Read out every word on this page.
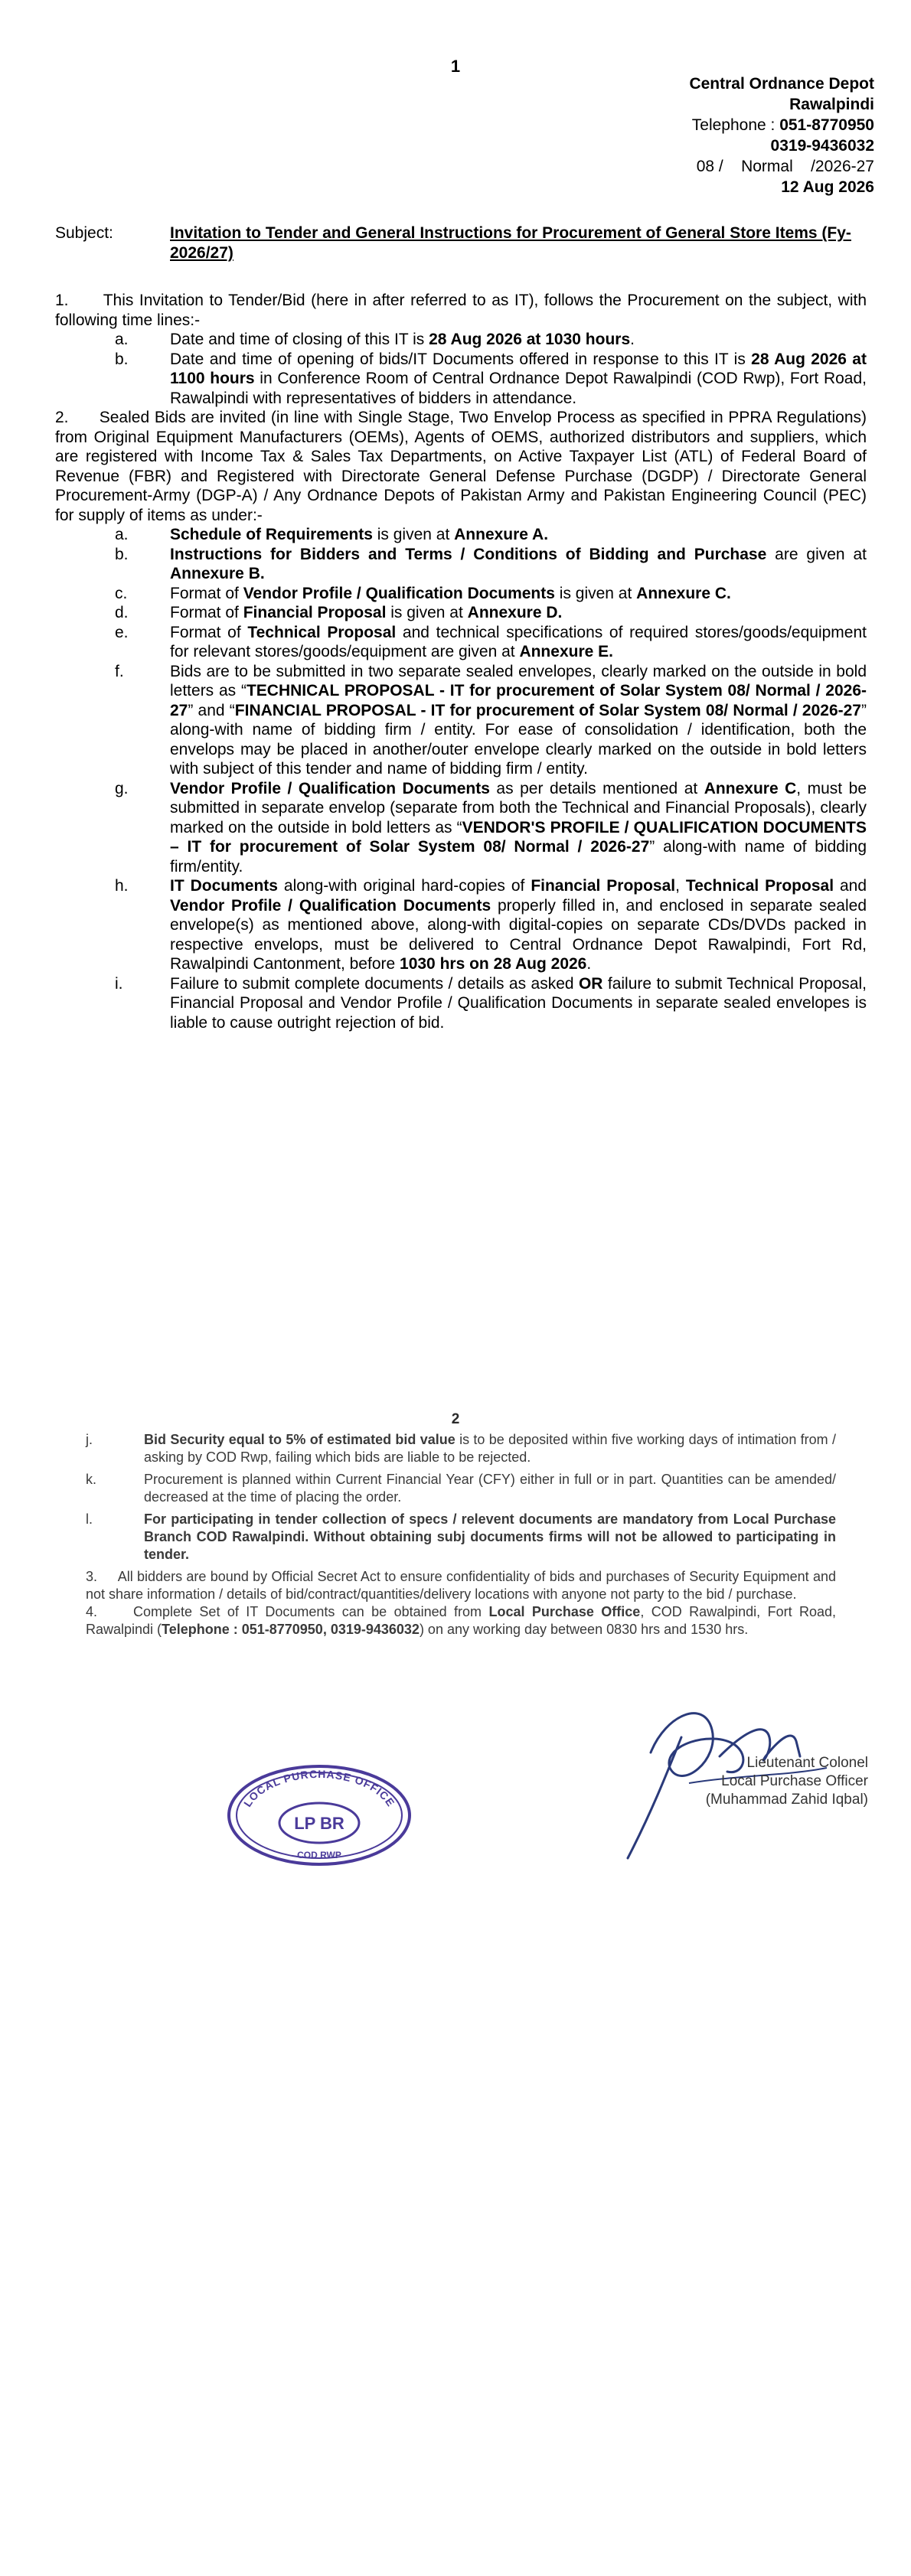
1
Central Ordnance Depot
Rawalpindi
Telephone : 051-8770950
0319-9436032
08 /    Normal    /2026-27
12 Aug 2026
Subject:	Invitation to Tender and General Instructions for Procurement of General Store Items (Fy- 2026/27)

1.      This Invitation to Tender/Bid (here in after referred to as IT), follows the Procurement on the subject, with following time lines:-

a.	Date and time of closing of this IT is 28 Aug 2026 at 1030 hours.

b.	Date and time of opening of bids/IT Documents offered in response to this IT is 28 Aug 2026 at 1100 hours in Conference Room of Central Ordnance Depot Rawalpindi (COD Rwp), Fort Road, Rawalpindi with representatives of bidders in attendance.

2.      Sealed Bids are invited (in line with Single Stage, Two Envelop Process as specified in PPRA Regulations) from Original Equipment Manufacturers (OEMs), Agents of OEMS, authorized distributors and suppliers, which are registered with Income Tax & Sales Tax Departments, on Active Taxpayer List (ATL) of Federal Board of Revenue (FBR) and Registered with Directorate General Defense Purchase (DGDP) / Directorate General Procurement-Army (DGP-A) / Any Ordnance Depots of Pakistan Army and Pakistan Engineering Council (PEC) for supply of items as under:-

a.	Schedule of Requirements is given at Annexure A.

b.	Instructions for Bidders and Terms / Conditions of Bidding and Purchase are given at Annexure B.

c.	Format of Vendor Profile / Qualification Documents is given at Annexure C.

d.	Format of Financial Proposal is given at Annexure D.

e.	Format of Technical Proposal and technical specifications of required stores/goods/equipment for relevant stores/goods/equipment are given at Annexure E.

f.	Bids are to be submitted in two separate sealed envelopes, clearly marked on the outside in bold letters as “TECHNICAL PROPOSAL - IT for procurement of Solar System 08/ Normal / 2026-27” and “FINANCIAL PROPOSAL - IT for procurement of Solar System 08/ Normal / 2026-27” along-with name of bidding firm / entity. For ease of consolidation / identification, both the envelops may be placed in another/outer envelope clearly marked on the outside in bold letters with subject of this tender and name of bidding firm / entity.

g.	Vendor Profile / Qualification Documents as per details mentioned at Annexure C, must be submitted in separate envelop (separate from both the Technical and Financial Proposals), clearly marked on the outside in bold letters as “VENDOR'S PROFILE / QUALIFICATION DOCUMENTS – IT for procurement of Solar System 08/ Normal / 2026-27” along-with name of bidding firm/entity.

h.	IT Documents along-with original hard-copies of Financial Proposal, Technical Proposal and Vendor Profile / Qualification Documents properly filled in, and enclosed in separate sealed envelope(s) as mentioned above, along-with digital-copies on separate CDs/DVDs packed in respective envelops, must be delivered to Central Ordnance Depot Rawalpindi, Fort Rd, Rawalpindi Cantonment, before 1030 hrs on 28 Aug 2026.

i.	Failure to submit complete documents / details as asked OR failure to submit Technical Proposal, Financial Proposal and Vendor Profile / Qualification Documents in separate sealed envelopes is liable to cause outright rejection of bid.

2

j.	Bid Security equal to 5% of estimated bid value is to be deposited within five working days of intimation from / asking by COD Rwp, failing which bids are liable to be rejected.

k.	Procurement is planned within Current Financial Year (CFY) either in full or in part. Quantities can be amended/ decreased at the time of placing the order.

l.	For participating in tender collection of specs / relevent documents are mandatory from Local Purchase Branch COD Rawalpindi. Without obtaining subj documents firms will not be allowed to participating in tender.

3.     All bidders are bound by Official Secret Act to ensure confidentiality of bids and purchases of Security Equipment and not share information / details of bid/contract/quantities/delivery locations with anyone not party to the bid / purchase.

4.     Complete Set of IT Documents can be obtained from Local Purchase Office, COD Rawalpindi, Fort Road, Rawalpindi (Telephone : 051-8770950, 0319-9436032) on any working day between 0830 hrs and 1530 hrs.

Lieutenant Colonel
Local Purchase Officer
(Muhammad Zahid Iqbal)
LOCAL PURCHASE OFFICE
LP BR
COD RWP
